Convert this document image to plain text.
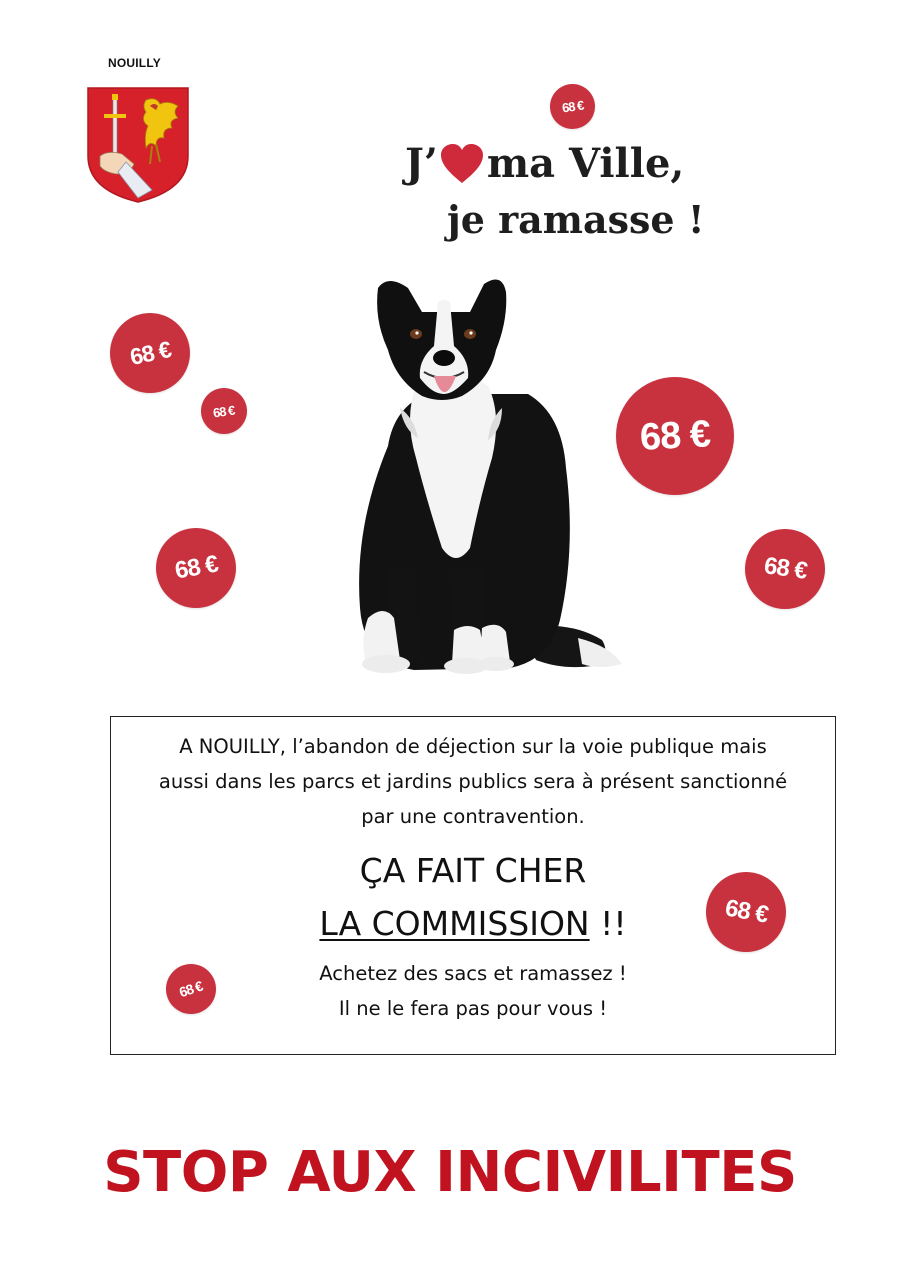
NOUILLY
J’ ma Ville,
je ramasse !
68 €
68 €
68 €
68 €
68 €	68 €
68 €
68 €
A NOUILLY, l’abandon de déjection sur la voie publique mais
aussi dans les parcs et jardins publics sera à présent sanctionné
par une contravention.
ÇA FAIT CHER
LA COMMISSION !!
Achetez des sacs et ramassez !
Il ne le fera pas pour vous !
STOP AUX INCIVILITES
